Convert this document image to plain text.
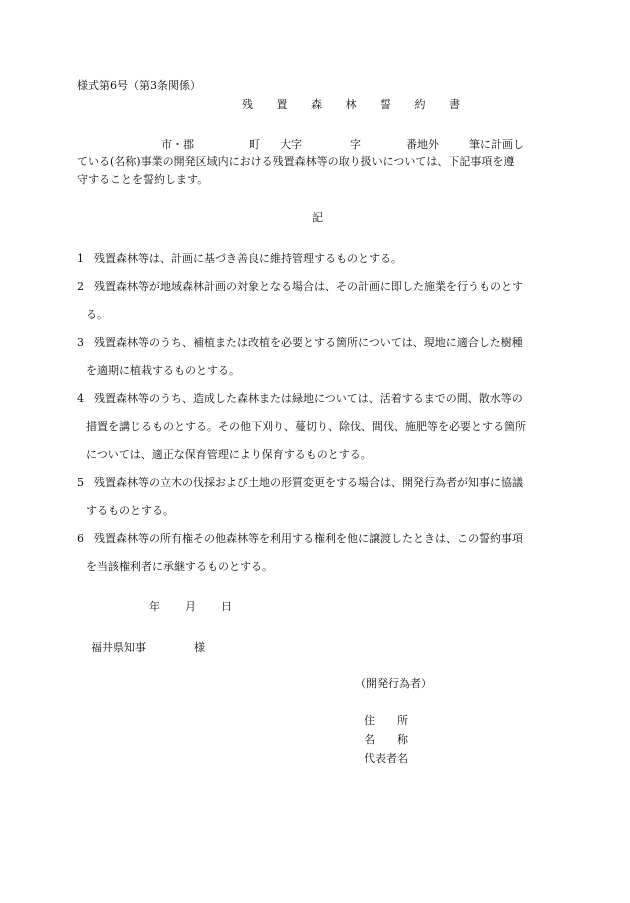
様式第6号（第3条関係）
残 置 森 林 誓 約 書
市・郡	町 大字	字	番地外	筆に計画し
ている(名称)事業の開発区域内における残置森林等の取り扱いについては、下記事項を遵
守することを誓約します。
記
1 残置森林等は、計画に基づき善良に維持管理するものとする。
2 残置森林等が地域森林計画の対象となる場合は、その計画に即した施業を行うものとす
る。
3 残置森林等のうち、補植または改植を必要とする箇所については、現地に適合した樹種
を適期に植栽するものとする。
4 残置森林等のうち、造成した森林または緑地については、活着するまでの間、散水等の
措置を講じるものとする。その他下刈り、蔓切り、除伐、間伐、施肥等を必要とする箇所
については、適正な保育管理により保育するものとする。
5 残置森林等の立木の伐採および土地の形質変更をする場合は、開発行為者が知事に協議
するものとする。
6 残置森林等の所有権その他森林等を利用する権利を他に譲渡したときは、この誓約事項
を当該権利者に承継するものとする。
年 月 日
福井県知事	様
（開発行為者）
住　　所
名　　称
代表者名
